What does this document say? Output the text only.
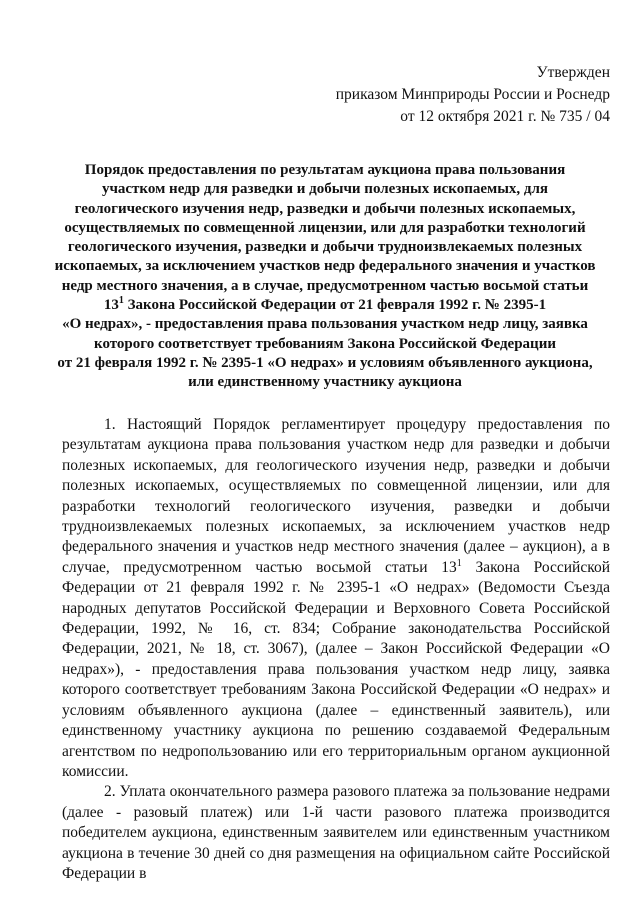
Утвержден
приказом Минприроды России и Роснедр
от 12 октября 2021 г. № 735 / 04
Порядок предоставления по результатам аукциона права пользования
участком недр для разведки и добычи полезных ископаемых, для
геологического изучения недр, разведки и добычи полезных ископаемых,
осуществляемых по совмещенной лицензии, или для разработки технологий
геологического изучения, разведки и добычи трудноизвлекаемых полезных
ископаемых, за исключением участков недр федерального значения и участков
недр местного значения, а в случае, предусмотренном частью восьмой статьи
$13^1$ Закона Российской Федерации от 21 февраля 1992 г. № 2395-1
«О недрах», - предоставления права пользования участком недр лицу, заявка
которого соответствует требованиям Закона Российской Федерации
от 21 февраля 1992 г. № 2395-1 «О недрах» и условиям объявленного аукциона,
или единственному участнику аукциона

1. Настоящий Порядок регламентирует процедуру предоставления по результатам аукциона права пользования участком недр для разведки и добычи полезных ископаемых, для геологического изучения недр, разведки и добычи полезных ископаемых, осуществляемых по совмещенной лицензии, или для разработки технологий геологического изучения, разведки и добычи трудноизвлекаемых полезных ископаемых, за исключением участков недр федерального значения и участков недр местного значения (далее – аукцион), а в случае, предусмотренном частью восьмой статьи $13^1$ Закона Российской Федерации от 21 февраля 1992 г. № 2395-1 «О недрах» (Ведомости Съезда народных депутатов Российской Федерации и Верховного Совета Российской Федерации, 1992, № 16, ст. 834; Собрание законодательства Российской Федерации, 2021, № 18, ст. 3067), (далее – Закон Российской Федерации «О недрах»), - предоставления права пользования участком недр лицу, заявка которого соответствует требованиям Закона Российской Федерации «О недрах» и условиям объявленного аукциона (далее – единственный заявитель), или единственному участнику аукциона по решению создаваемой Федеральным агентством по недропользованию или его территориальным органом аукционной комиссии.

2. Уплата окончательного размера разового платежа за пользование недрами (далее - разовый платеж) или 1-й части разового платежа производится победителем аукциона, единственным заявителем или единственным участником аукциона в течение 30 дней со дня размещения на официальном сайте Российской Федерации в
